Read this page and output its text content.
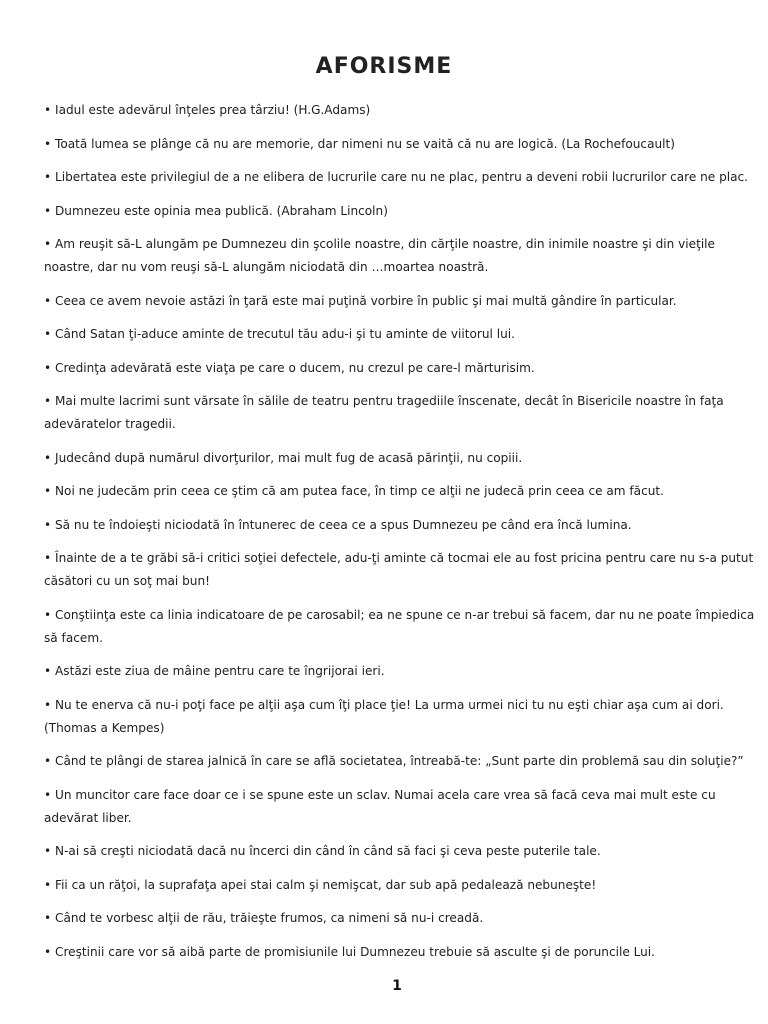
AFORISME
• Iadul este adevărul înţeles prea târziu! (H.G.Adams)
• Toată lumea se plânge că nu are memorie, dar nimeni nu se vaită că nu are logică. (La Rochefoucault)
• Libertatea este privilegiul de a ne elibera de lucrurile care nu ne plac, pentru a deveni robii lucrurilor care ne plac.
• Dumnezeu este opinia mea publică. (Abraham Lincoln)
• Am reuşit să-L alungăm pe Dumnezeu din şcolile noastre, din cărţile noastre, din inimile noastre şi din vieţile noastre, dar nu vom reuşi să-L alungăm niciodată din …moartea noastră.
• Ceea ce avem nevoie astăzi în ţară este mai puţină vorbire în public şi mai multă gândire în particular.
• Când Satan ţi-aduce aminte de trecutul tău adu-i şi tu aminte de viitorul lui.
• Credinţa adevărată este viaţa pe care o ducem, nu crezul pe care-l mărturisim.
• Mai multe lacrimi sunt vărsate în sălile de teatru pentru tragediile înscenate, decât în Bisericile noastre în faţa adevăratelor tragedii.
• Judecând după numărul divorţurilor, mai mult fug de acasă părinţii, nu copiii.
• Noi ne judecăm prin ceea ce ştim că am putea face, în timp ce alţii ne judecă prin ceea ce am făcut.
• Să nu te îndoieşti niciodată în întunerec de ceea ce a spus Dumnezeu pe când era încă lumina.
• Înainte de a te grăbi să-i critici soţiei defectele, adu-ţi aminte că tocmai ele au fost pricina pentru care nu s-a putut căsători cu un soţ mai bun!
• Conştiinţa este ca linia indicatoare de pe carosabil; ea ne spune ce n-ar trebui să facem, dar nu ne poate împiedica să facem.
• Astăzi este ziua de mâine pentru care te îngrijorai ieri.
• Nu te enerva că nu-i poţi face pe alţii aşa cum îţi place ţie! La urma urmei nici tu nu eşti chiar aşa cum ai dori. (Thomas a Kempes)
• Când te plângi de starea jalnică în care se află societatea, întreabă-te: „Sunt parte din problemă sau din soluţie?”
• Un muncitor care face doar ce i se spune este un sclav. Numai acela care vrea să facă ceva mai mult este cu adevărat liber.
• N-ai să creşti niciodată dacă nu încerci din când în când să faci şi ceva peste puterile tale.
• Fii ca un răţoi, la suprafaţa apei stai calm şi nemişcat, dar sub apă pedalează nebuneşte!
• Când te vorbesc alţii de rău, trăieşte frumos, ca nimeni să nu-i creadă.
• Creştinii care vor să aibă parte de promisiunile lui Dumnezeu trebuie să asculte şi de poruncile Lui.
1
